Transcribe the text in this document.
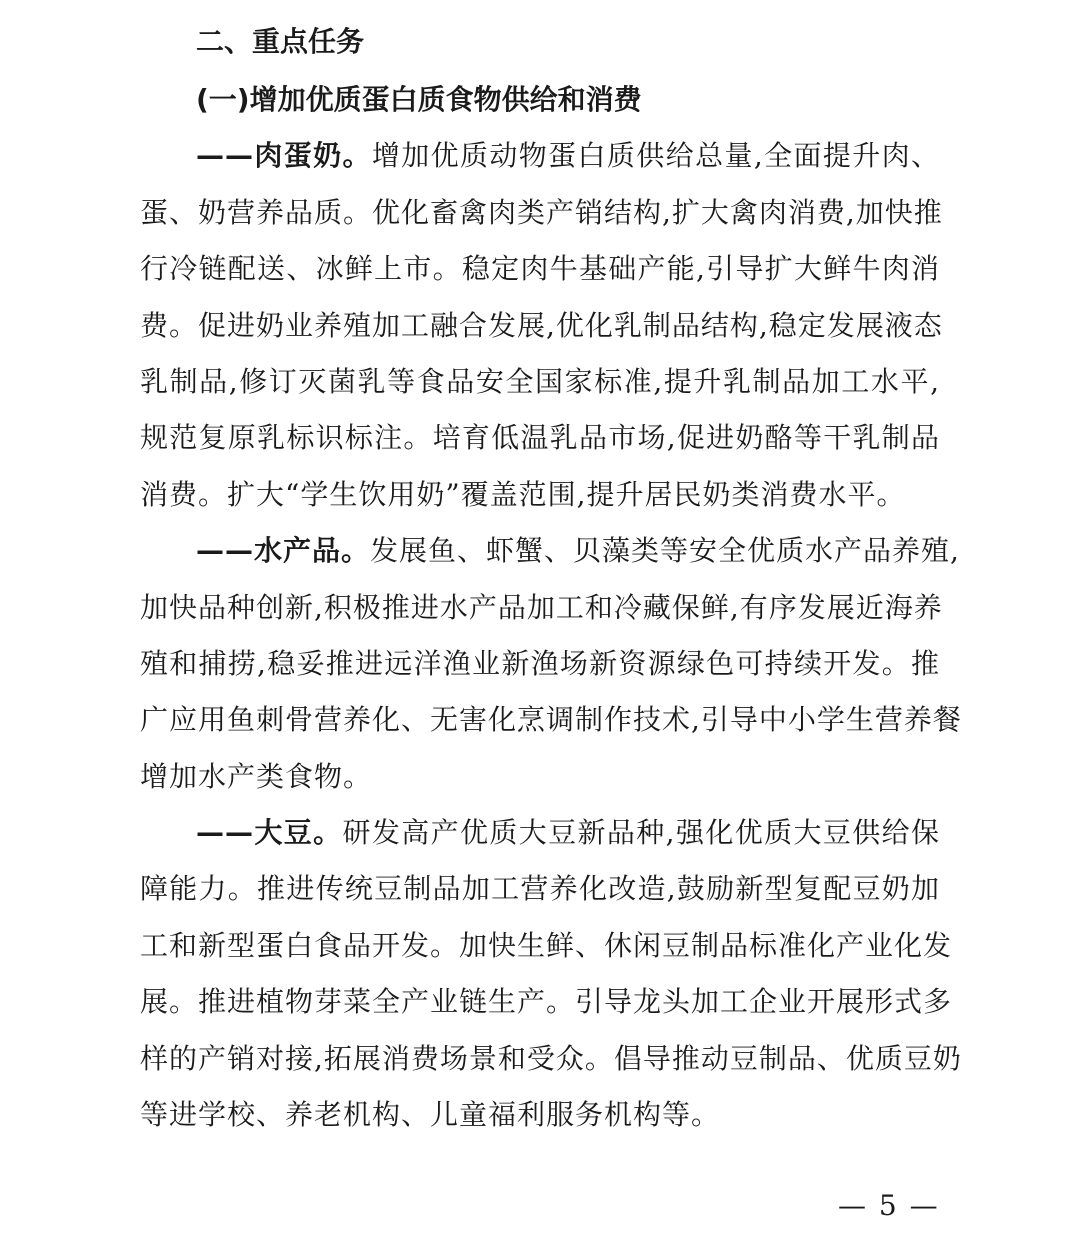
二、重点任务
(一)增加优质蛋白质食物供给和消费
——肉蛋奶。增加优质动物蛋白质供给总量,全面提升肉、
蛋、奶营养品质。优化畜禽肉类产销结构,扩大禽肉消费,加快推
行冷链配送、冰鲜上市。稳定肉牛基础产能,引导扩大鲜牛肉消
费。促进奶业养殖加工融合发展,优化乳制品结构,稳定发展液态
乳制品,修订灭菌乳等食品安全国家标准,提升乳制品加工水平,
规范复原乳标识标注。培育低温乳品市场,促进奶酪等干乳制品
消费。扩大“学生饮用奶”覆盖范围,提升居民奶类消费水平。
——水产品。发展鱼、虾蟹、贝藻类等安全优质水产品养殖,
加快品种创新,积极推进水产品加工和冷藏保鲜,有序发展近海养
殖和捕捞,稳妥推进远洋渔业新渔场新资源绿色可持续开发。推
广应用鱼刺骨营养化、无害化烹调制作技术,引导中小学生营养餐
增加水产类食物。
——大豆。研发高产优质大豆新品种,强化优质大豆供给保
障能力。推进传统豆制品加工营养化改造,鼓励新型复配豆奶加
工和新型蛋白食品开发。加快生鲜、休闲豆制品标准化产业化发
展。推进植物芽菜全产业链生产。引导龙头加工企业开展形式多
样的产销对接,拓展消费场景和受众。倡导推动豆制品、优质豆奶
等进学校、养老机构、儿童福利服务机构等。
— 5 —
